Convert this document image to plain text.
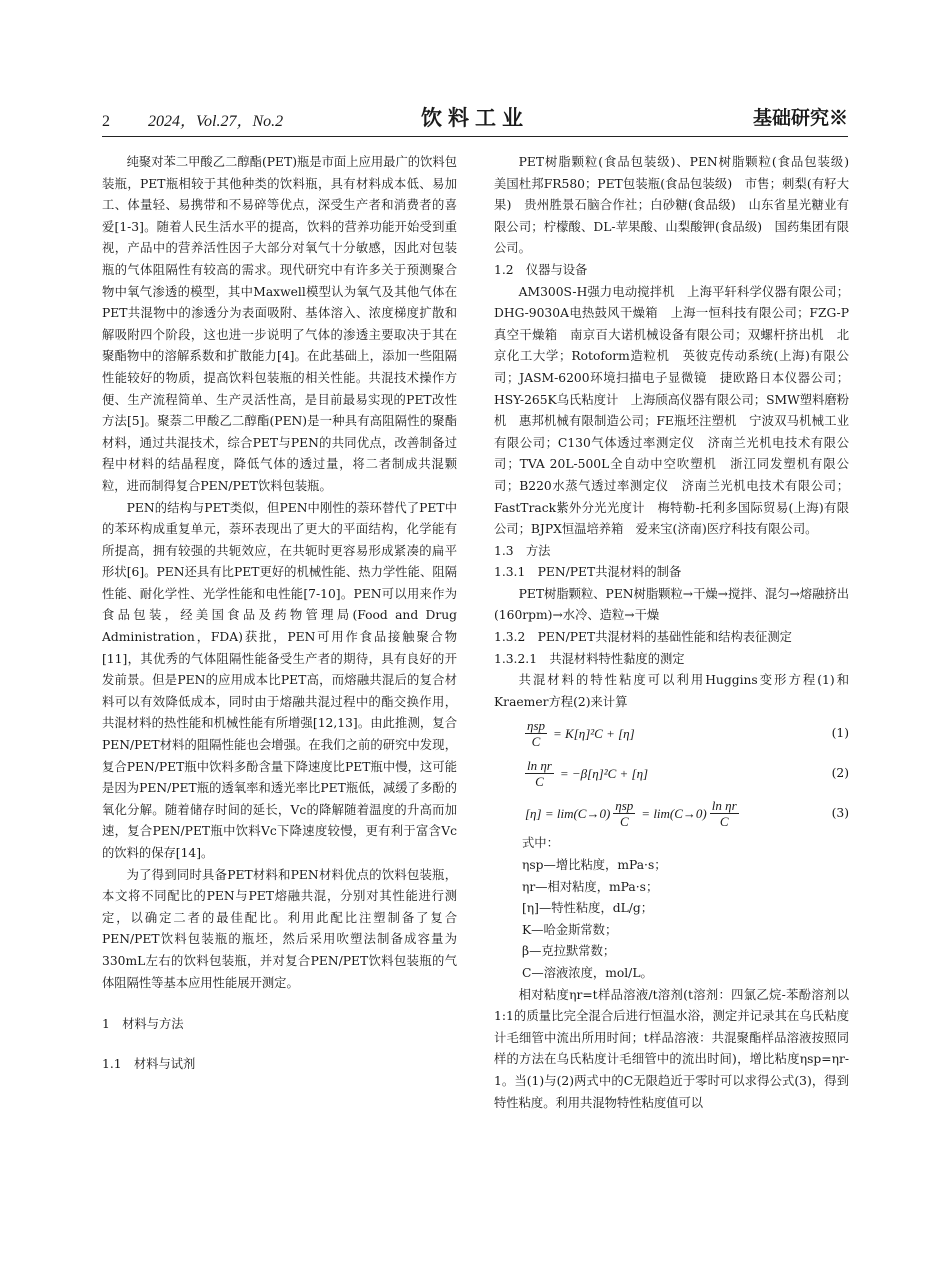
2 2024，Vol.27，No.2	饮料工业	基础研究※

纯聚对苯二甲酸乙二醇酯(PET)瓶是市面上应用最广的饮料包装瓶，PET瓶相较于其他种类的饮料瓶，具有材料成本低、易加工、体量轻、易携带和不易碎等优点，深受生产者和消费者的喜爱[1-3]。随着人民生活水平的提高，饮料的营养功能开始受到重视，产品中的营养活性因子大部分对氧气十分敏感，因此对包装瓶的气体阻隔性有较高的需求。现代研究中有许多关于预测聚合物中氧气渗透的模型，其中Maxwell模型认为氧气及其他气体在PET共混物中的渗透分为表面吸附、基体溶入、浓度梯度扩散和解吸附四个阶段，这也进一步说明了气体的渗透主要取决于其在聚酯物中的溶解系数和扩散能力[4]。在此基础上，添加一些阻隔性能较好的物质，提高饮料包装瓶的相关性能。共混技术操作方便、生产流程简单、生产灵活性高，是目前最易实现的PET改性方法[5]。聚萘二甲酸乙二醇酯(PEN)是一种具有高阻隔性的聚酯材料，通过共混技术，综合PET与PEN的共同优点，改善制备过程中材料的结晶程度，降低气体的透过量，将二者制成共混颗粒，进而制得复合PEN/PET饮料包装瓶。

PEN的结构与PET类似，但PEN中刚性的萘环替代了PET中的苯环构成重复单元，萘环表现出了更大的平面结构，化学能有所提高，拥有较强的共轭效应，在共轭时更容易形成紧凑的扁平形状[6]。PEN还具有比PET更好的机械性能、热力学性能、阻隔性能、耐化学性、光学性能和电性能[7-10]。PEN可以用来作为食品包装，经美国食品及药物管理局(Food and Drug Administration，FDA)获批，PEN可用作食品接触聚合物[11]，其优秀的气体阻隔性能备受生产者的期待，具有良好的开发前景。但是PEN的应用成本比PET高，而熔融共混后的复合材料可以有效降低成本，同时由于熔融共混过程中的酯交换作用，共混材料的热性能和机械性能有所增强[12,13]。由此推测，复合PEN/PET材料的阻隔性能也会增强。在我们之前的研究中发现，复合PEN/PET瓶中饮料多酚含量下降速度比PET瓶中慢，这可能是因为PEN/PET瓶的透氧率和透光率比PET瓶低，减缓了多酚的氧化分解。随着储存时间的延长，Vc的降解随着温度的升高而加速，复合PEN/PET瓶中饮料Vc下降速度较慢，更有利于富含Vc的饮料的保存[14]。

为了得到同时具备PET材料和PEN材料优点的饮料包装瓶，本文将不同配比的PEN与PET熔融共混，分别对其性能进行测定，以确定二者的最佳配比。利用此配比注塑制备了复合PEN/PET饮料包装瓶的瓶坯，然后采用吹塑法制备成容量为330mL左右的饮料包装瓶，并对复合PEN/PET饮料包装瓶的气体阻隔性等基本应用性能展开测定。

1　材料与方法

1.1　材料与试剂

PET树脂颗粒(食品包装级)、PEN树脂颗粒(食品包装级)　美国杜邦FR580；PET包装瓶(食品包装级)　市售；刺梨(有籽大果)　贵州胜景石脑合作社；白砂糖(食品级)　山东省星光糖业有限公司；柠檬酸、DL-苹果酸、山梨酸钾(食品级)　国药集团有限公司。

1.2　仪器与设备

AM300S-H强力电动搅拌机　上海平轩科学仪器有限公司；DHG-9030A电热鼓风干燥箱　上海一恒科技有限公司；FZG-P真空干燥箱　南京百大诺机械设备有限公司；双螺杆挤出机　北京化工大学；Rotoform造粒机　英彼克传动系统(上海)有限公司；JASM-6200环境扫描电子显微镜　捷欧路日本仪器公司；HSY-265K乌氏粘度计　上海颀高仪器有限公司；SMW塑料磨粉机　惠邦机械有限制造公司；FE瓶坯注塑机　宁波双马机械工业有限公司；C130气体透过率测定仪　济南兰光机电技术有限公司；TVA 20L-500L全自动中空吹塑机　浙江同发塑机有限公司；B220水蒸气透过率测定仪　济南兰光机电技术有限公司；FastTrack紫外分光光度计　梅特勒-托利多国际贸易(上海)有限公司；BJPX恒温培养箱　爱来宝(济南)医疗科技有限公司。

1.3　方法

1.3.1　PEN/PET共混材料的制备

PET树脂颗粒、PEN树脂颗粒→干燥→搅拌、混匀→熔融挤出(160rpm)→水冷、造粒→干燥

1.3.2　PEN/PET共混材料的基础性能和结构表征测定

1.3.2.1　共混材料特性黏度的测定

共混材料的特性粘度可以利用Huggins变形方程(1)和Kraemer方程(2)来计算

$\frac{\text{ηsp}}{C} = K[\eta]^2C + [\eta]$	(1)
$\frac{\text{ln ηr}}{C} = -\beta[\eta]^2C + [\eta]$	(2)
$[\eta] = \lim(C\to 0) \frac{\text{ηsp}}{C} = \lim(C\to 0) \frac{\text{ln ηr}}{C}$	(3)

式中：

ηsp—增比粘度，mPa·s；

ηr—相对粘度，mPa·s；

[η]—特性粘度，dL/g；

K—哈金斯常数；

β—克拉默常数；

C—溶液浓度，mol/L。

相对粘度ηr=t样品溶液/t溶剂(t溶剂：四氯乙烷-苯酚溶剂以1:1的质量比完全混合后进行恒温水浴，测定并记录其在乌氏粘度计毛细管中流出所用时间；t样品溶液：共混聚酯样品溶液按照同样的方法在乌氏粘度计毛细管中的流出时间)，增比粘度ηsp=ηr-1。当(1)与(2)两式中的C无限趋近于零时可以求得公式(3)，得到特性粘度。利用共混物特性粘度值可以
